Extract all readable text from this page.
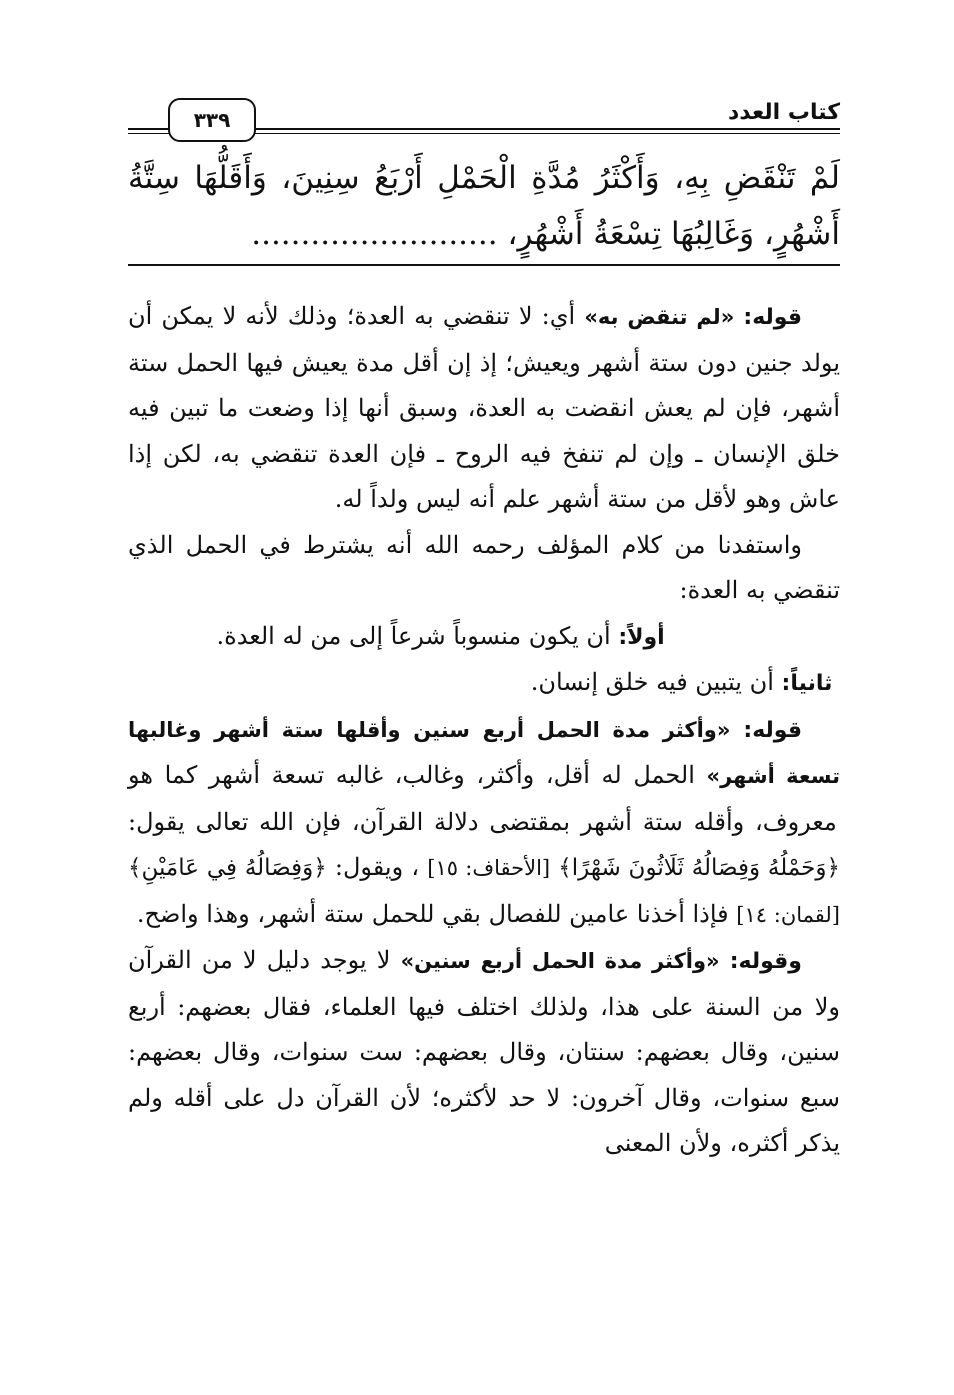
٣٣٩	كتاب العدد
لَمْ تَنْقَضِ بِهِ، وَأَكْثَرُ مُدَّةِ الْحَمْلِ أَرْبَعُ سِنِينَ، وَأَقَلُّهَا سِتَّةُ
أَشْهُرٍ، وَغَالِبُهَا تِسْعَةُ أَشْهُرٍ، .........................

قوله: «لم تنقض به» أي: لا تنقضي به العدة؛ وذلك لأنه لا يمكن أن يولد جنين دون ستة أشهر ويعيش؛ إذ إن أقل مدة يعيش فيها الحمل ستة أشهر، فإن لم يعش انقضت به العدة، وسبق أنها إذا وضعت ما تبين فيه خلق الإنسان ـ وإن لم تنفخ فيه الروح ـ فإن العدة تنقضي به، لكن إذا عاش وهو لأقل من ستة أشهر علم أنه ليس ولداً له.

واستفدنا من كلام المؤلف رحمه الله أنه يشترط في الحمل الذي تنقضي به العدة:

أولاً: أن يكون منسوباً شرعاً إلى من له العدة.

ثانياً: أن يتبين فيه خلق إنسان.

قوله: «وأكثر مدة الحمل أربع سنين وأقلها ستة أشهر وغالبها تسعة أشهر» الحمل له أقل، وأكثر، وغالب، غالبه تسعة أشهر كما هو معروف، وأقله ستة أشهر بمقتضى دلالة القرآن، فإن الله تعالى يقول: ﴿وَحَمْلُهُ وَفِصَالُهُ ثَلَاثُونَ شَهْرًا﴾ [الأحقاف: ١٥] ، ويقول: ﴿وَفِصَالُهُ فِي عَامَيْنِ﴾ [لقمان: ١٤] فإذا أخذنا عامين للفصال بقي للحمل ستة أشهر، وهذا واضح.

وقوله: «وأكثر مدة الحمل أربع سنين» لا يوجد دليل لا من القرآن ولا من السنة على هذا، ولذلك اختلف فيها العلماء، فقال بعضهم: أربع سنين، وقال بعضهم: سنتان، وقال بعضهم: ست سنوات، وقال بعضهم: سبع سنوات، وقال آخرون: لا حد لأكثره؛ لأن القرآن دل على أقله ولم يذكر أكثره، ولأن المعنى
